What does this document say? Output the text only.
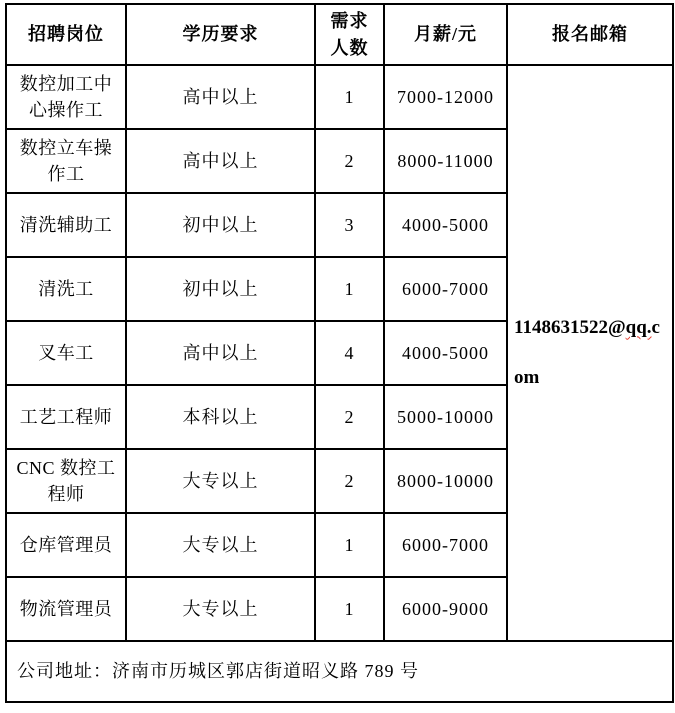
招聘岗位	学历要求	需求人数	月薪/元	报名邮箱
数控加工中心操作工	高中以上	1	7000-12000	1148631522@qq.c
om

数控立车操作工	高中以上	2	8000-11000	
清洗辅助工	初中以上	3	4000-5000	
清洗工	初中以上	1	6000-7000	
叉车工	高中以上	4	4000-5000	
工艺工程师	本科以上	2	5000-10000	
CNC 数控工程师	大专以上	2	8000-10000	
仓库管理员	大专以上	1	6000-7000	
物流管理员	大专以上	1	6000-9000	
公司地址：济南市历城区郭店街道昭义路 789 号				
